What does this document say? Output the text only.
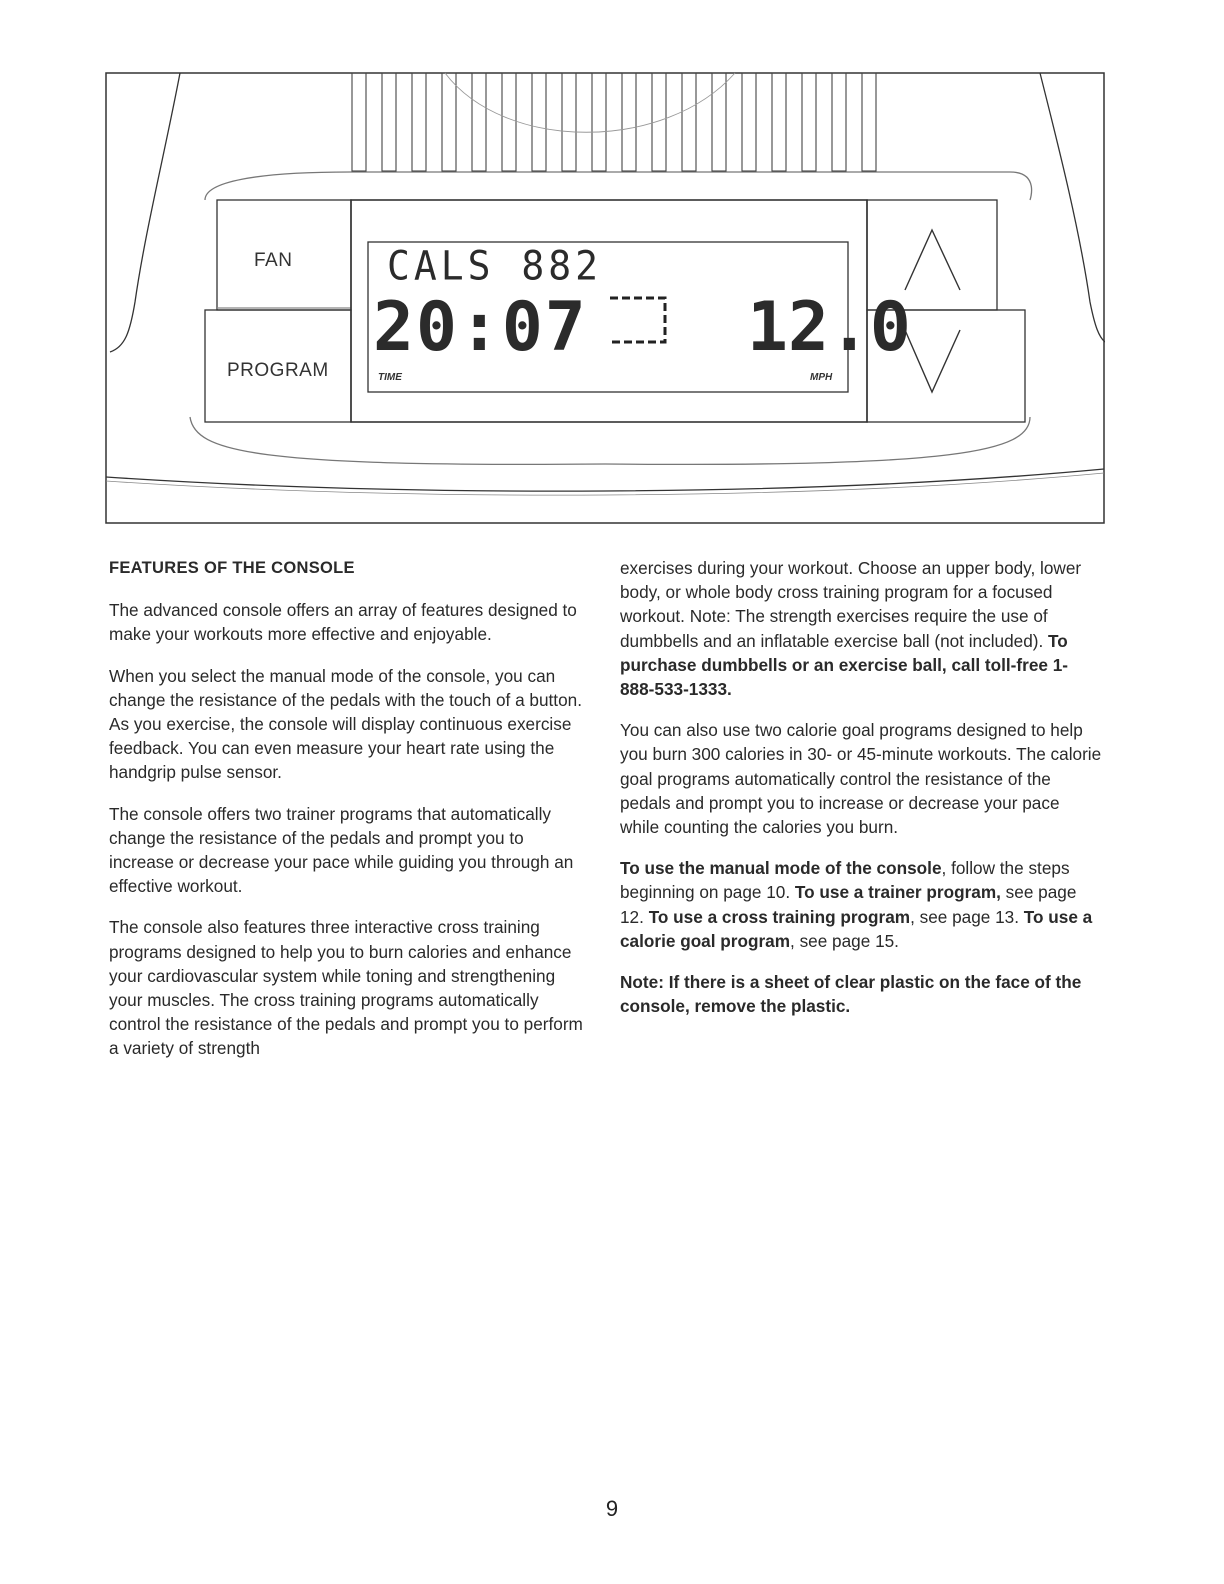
FAN
PROGRAM
CALS 882
20:07 12.0
TIME	MPH
FEATURES OF THE CONSOLE

The advanced console offers an array of features designed to make your workouts more effective and enjoyable.

When you select the manual mode of the console, you can change the resistance of the pedals with the touch of a button. As you exercise, the console will display continuous exercise feedback. You can even measure your heart rate using the handgrip pulse sensor.

The console offers two trainer programs that automatically change the resistance of the pedals and prompt you to increase or decrease your pace while guiding you through an effective workout.

The console also features three interactive cross training programs designed to help you to burn calories and enhance your cardiovascular system while toning and strengthening your muscles. The cross training programs automatically control the resistance of the pedals and prompt you to perform a variety of strength

exercises during your workout. Choose an upper body, lower body, or whole body cross training program for a focused workout. Note: The strength exercises require the use of dumbbells and an inflatable exercise ball (not included). To purchase dumbbells or an exercise ball, call toll-free 1-888-533-1333.

You can also use two calorie goal programs designed to help you burn 300 calories in 30- or 45-minute workouts. The calorie goal programs automatically control the resistance of the pedals and prompt you to increase or decrease your pace while counting the calories you burn.

To use the manual mode of the console, follow the steps beginning on page 10. To use a trainer program, see page 12. To use a cross training program, see page 13. To use a calorie goal program, see page 15.

Note: If there is a sheet of clear plastic on the face of the console, remove the plastic.

9
